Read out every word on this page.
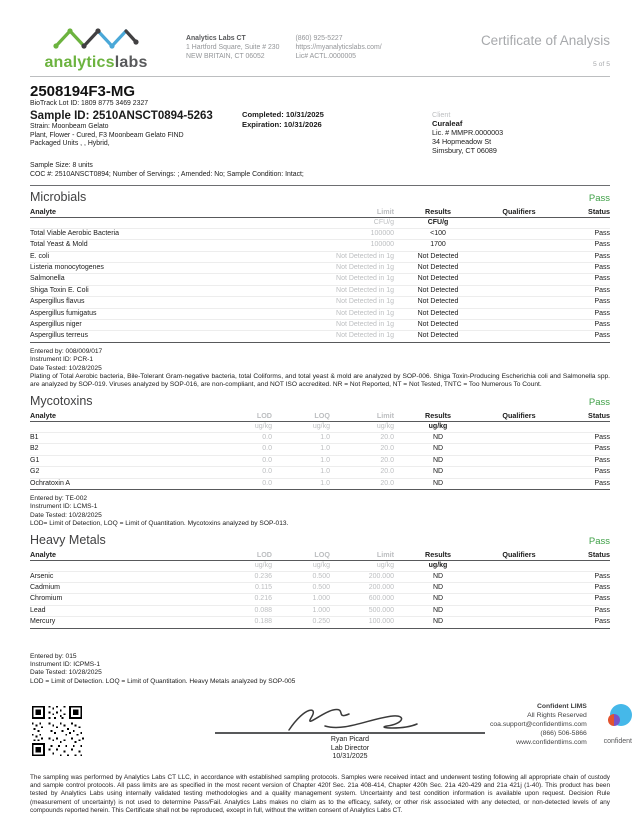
analyticslabs
Analytics Labs CT
1 Hartford Square, Suite # 230
NEW BRITAIN, CT 06052
(860) 925-5227
https://myanalyticslabs.com/
Lic# ACTL.0000005
Certificate of Analysis
5 of 5
2508194F3-MG
BioTrack Lot ID: 1809 8775 3469 2327
Sample ID: 2510ANSCT0894-5263
Strain: Moonbeam Gelato
Plant, Flower - Cured, F3 Moonbeam Gelato FIND
Packaged Units , , Hybrid,
Completed: 10/31/2025
Expiration: 10/31/2026
Client
Curaleaf
Lic. # MMPR.0000003
34 Hopmeadow St
Simsbury, CT 06089
Sample Size: 8 units
COC #: 2510ANSCT0894; Number of Servings: ; Amended: No; Sample Condition: Intact;
Microbials	Pass
Analyte	Limit	Results	Qualifiers	Status
	CFU/g	CFU/g		
Total Viable Aerobic Bacteria	100000	<100		Pass
Total Yeast & Mold	100000	1700		Pass
E. coli	Not Detected in 1g	Not Detected		Pass
Listeria monocytogenes	Not Detected in 1g	Not Detected		Pass
Salmonella	Not Detected in 1g	Not Detected		Pass
Shiga Toxin E. Coli	Not Detected in 1g	Not Detected		Pass
Aspergillus flavus	Not Detected in 1g	Not Detected		Pass
Aspergillus fumigatus	Not Detected in 1g	Not Detected		Pass
Aspergillus niger	Not Detected in 1g	Not Detected		Pass
Aspergillus terreus	Not Detected in 1g	Not Detected		Pass
Entered by: 008/009/017
Instrument ID: PCR-1
Date Tested: 10/28/2025
Plating of Total Aerobic bacteria, Bile-Tolerant Gram-negative bacteria, total Coliforms, and total yeast & mold are analyzed by SOP-006. Shiga Toxin-Producing Escherichia coli and Salmonella spp. are analyzed by SOP-019. Viruses analyzed by SOP-016, are non-compliant, and NOT ISO accredited. NR = Not Reported, NT = Not Tested, TNTC = Too Numerous To Count.
Mycotoxins	Pass
Analyte	LOD	LOQ	Limit	Results	Qualifiers	Status
	ug/kg	ug/kg	ug/kg	ug/kg		
B1	0.0	1.0	20.0	ND		Pass
B2	0.0	1.0	20.0	ND		Pass
G1	0.0	1.0	20.0	ND		Pass
G2	0.0	1.0	20.0	ND		Pass
Ochratoxin A	0.0	1.0	20.0	ND		Pass
Entered by: TE-002
Instrument ID: LCMS-1
Date Tested: 10/28/2025
LOD= Limit of Detection, LOQ = Limit of Quantitation. Mycotoxins analyzed by SOP-013.
Heavy Metals	Pass
Analyte	LOD	LOQ	Limit	Results	Qualifiers	Status
	ug/kg	ug/kg	ug/kg	ug/kg		
Arsenic	0.236	0.500	200.000	ND		Pass
Cadmium	0.115	0.500	200.000	ND		Pass
Chromium	0.216	1.000	600.000	ND		Pass
Lead	0.088	1.000	500.000	ND		Pass
Mercury	0.188	0.250	100.000	ND		Pass
Entered by: 015
Instrument ID: ICPMS-1
Date Tested: 10/28/2025
LOD = Limit of Detection. LOQ = Limit of Quantitation. Heavy Metals analyzed by SOP-005
Ryan Picard
Lab Director
10/31/2025
Confident LIMS
All Rights Reserved
coa.support@confidentlims.com
(866) 506-5866
www.confidentlims.com	confident
The sampling was performed by Analytics Labs CT LLC, in accordance with established sampling protocols. Samples were received intact and underwent testing following all appropriate chain of custody and sample control protocols. All pass limits are as specified in the most recent version of Chapter 420f Sec. 21a 408-414, Chapter 420h Sec. 21a 420-429 and 21a 421j (1-40). This product has been tested by Analytics Labs using internally validated testing methodologies and a quality management system. Uncertainty and test condition information is available upon request. Decision Rule (measurement of uncertainty) is not used to determine Pass/Fail. Analytics Labs makes no claim as to the efficacy, safety, or other risk associated with any detected, or non-detected levels of any compounds reported herein. This Certificate shall not be reproduced, except in full, without the written consent of Analytics Labs CT.
